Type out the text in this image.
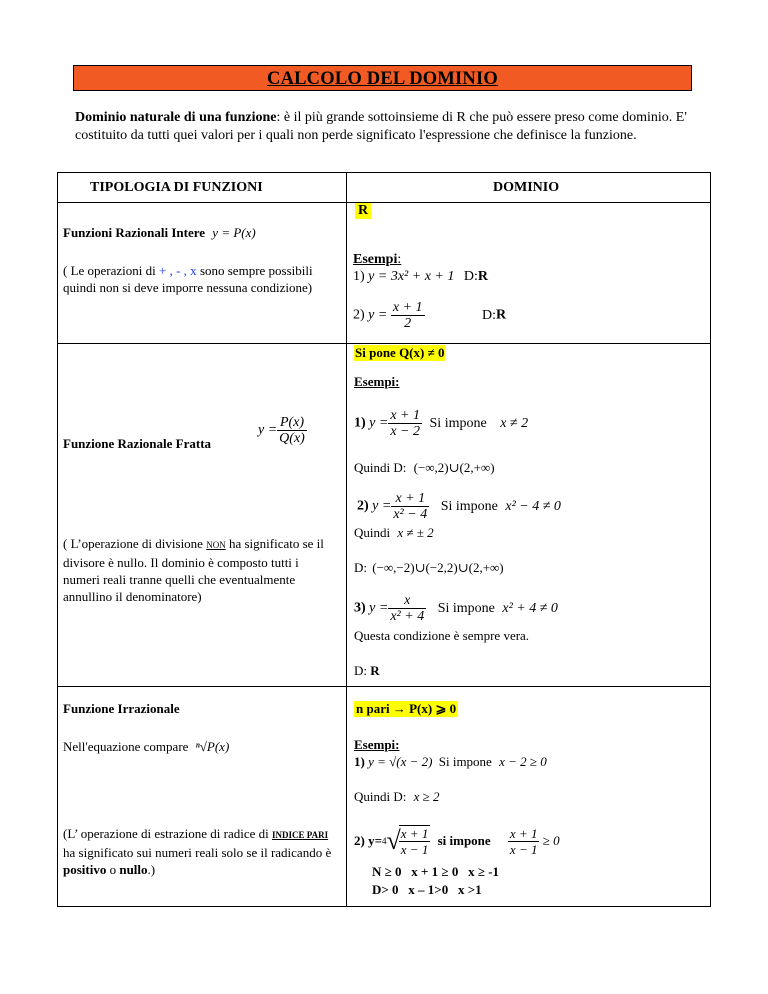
CALCOLO DEL DOMINIO
Dominio naturale di una funzione: è il più grande sottoinsieme di R che può essere preso come dominio. E' costituito da tutti quei valori per i quali non perde significato l'espressione che definisce la funzione.
TIPOLOGIA DI FUNZIONI	DOMINIO
Funzioni Razionali Intere y = P(x)
( Le operazioni di + , - , x sono sempre possibili quindi non si deve imporre nessuna condizione)
R
Esempi:
1) y = 3x² + x + 1 D:R
2) $y = \frac{x + 1}{2}$	D:R
$y = \frac{P(x)}{Q(x)}$
Funzione Razionale Fratta
( L’operazione di divisione NON ha significato se il divisore è nullo. Il dominio è composto tutti i numeri reali tranne quelli che eventualmente annullino il denominatore)
Si pone Q(x) ≠ 0
Esempi:
1) $y = \frac{x + 1}{x - 2}$ Si impone x ≠ 2
Quindi D: (−∞,2)∪(2,+∞)
2) $y = \frac{x + 1}{\text{x² − 4}}$ Si impone x² − 4 ≠ 0
Quindi x ≠ ± 2
D: (−∞,−2)∪(−2,2)∪(2,+∞)
3) $y = \frac{x}{\text{x² + 4}}$ Si impone x² + 4 ≠ 0
Questa condizione è sempre vera.
D: R
Funzione Irrazionale
Nell'equazione compare ⁿ√P(x)
(L’ operazione di estrazione di radice di INDICE PARI ha significato sui numeri reali solo se il radicando è positivo o nullo.)
n pari → P(x) ⩾ 0
Esempi:
1) y = √(x − 2) Si impone x − 2 ≥ 0
Quindi D: x ≥ 2
2) y=4√
$\frac{x + 1}{x - 1}$ si impone $\frac{x + 1}{x - 1} \ge 0$
N ≥ 0   x + 1 ≥ 0   x ≥ -1
D> 0   x – 1>0   x >1
